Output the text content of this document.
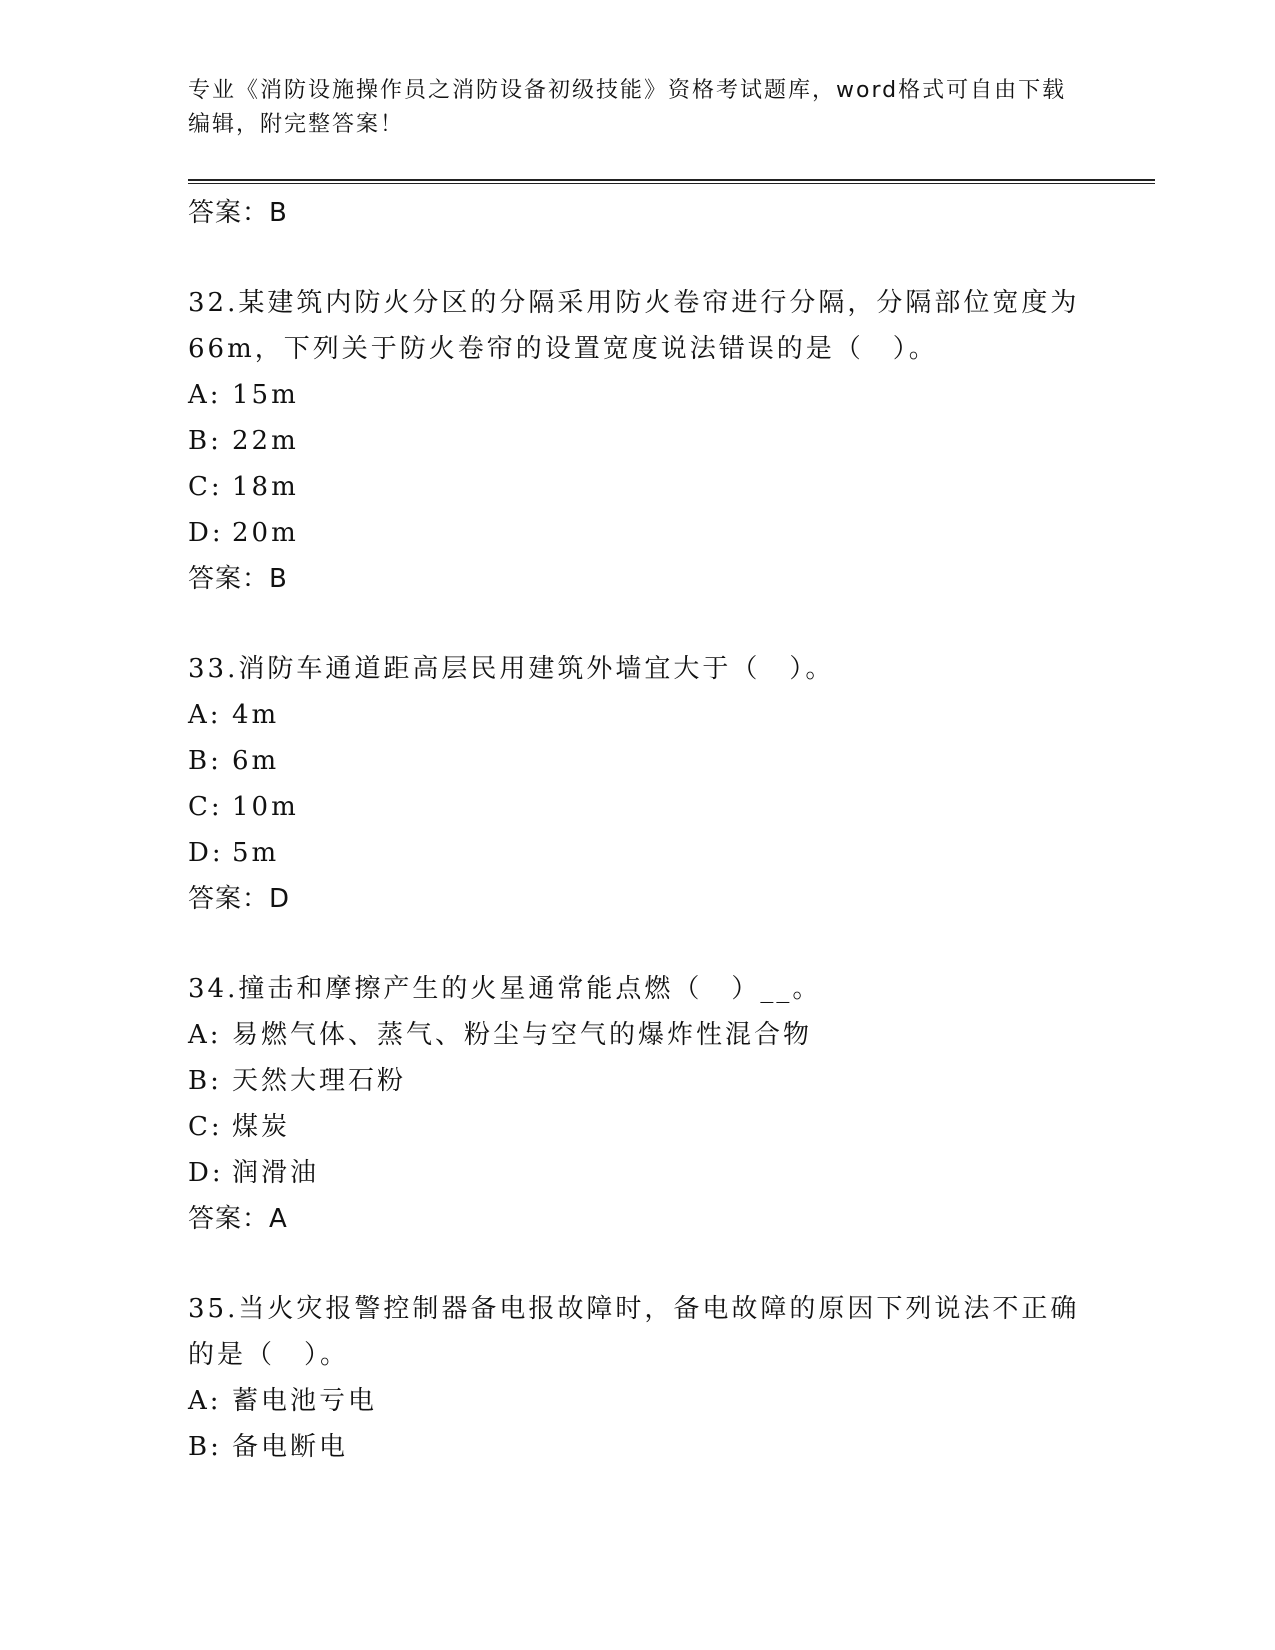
专业《消防设施操作员之消防设备初级技能》资格考试题库，word格式可自由下载编辑，附完整答案！
答案：B
32.某建筑内防火分区的分隔采用防火卷帘进行分隔，分隔部位宽度为66m，下列关于防火卷帘的设置宽度说法错误的是（　）。
A: 15m
B: 22m
C: 18m
D: 20m
答案：B
33.消防车通道距高层民用建筑外墙宜大于（　）。
A: 4m
B: 6m
C: 10m
D: 5m
答案：D
34.撞击和摩擦产生的火星通常能点燃（　）__。
A: 易燃气体、蒸气、粉尘与空气的爆炸性混合物
B: 天然大理石粉
C: 煤炭
D: 润滑油
答案：A
35.当火灾报警控制器备电报故障时，备电故障的原因下列说法不正确的是（　）。
A: 蓄电池亏电
B: 备电断电
